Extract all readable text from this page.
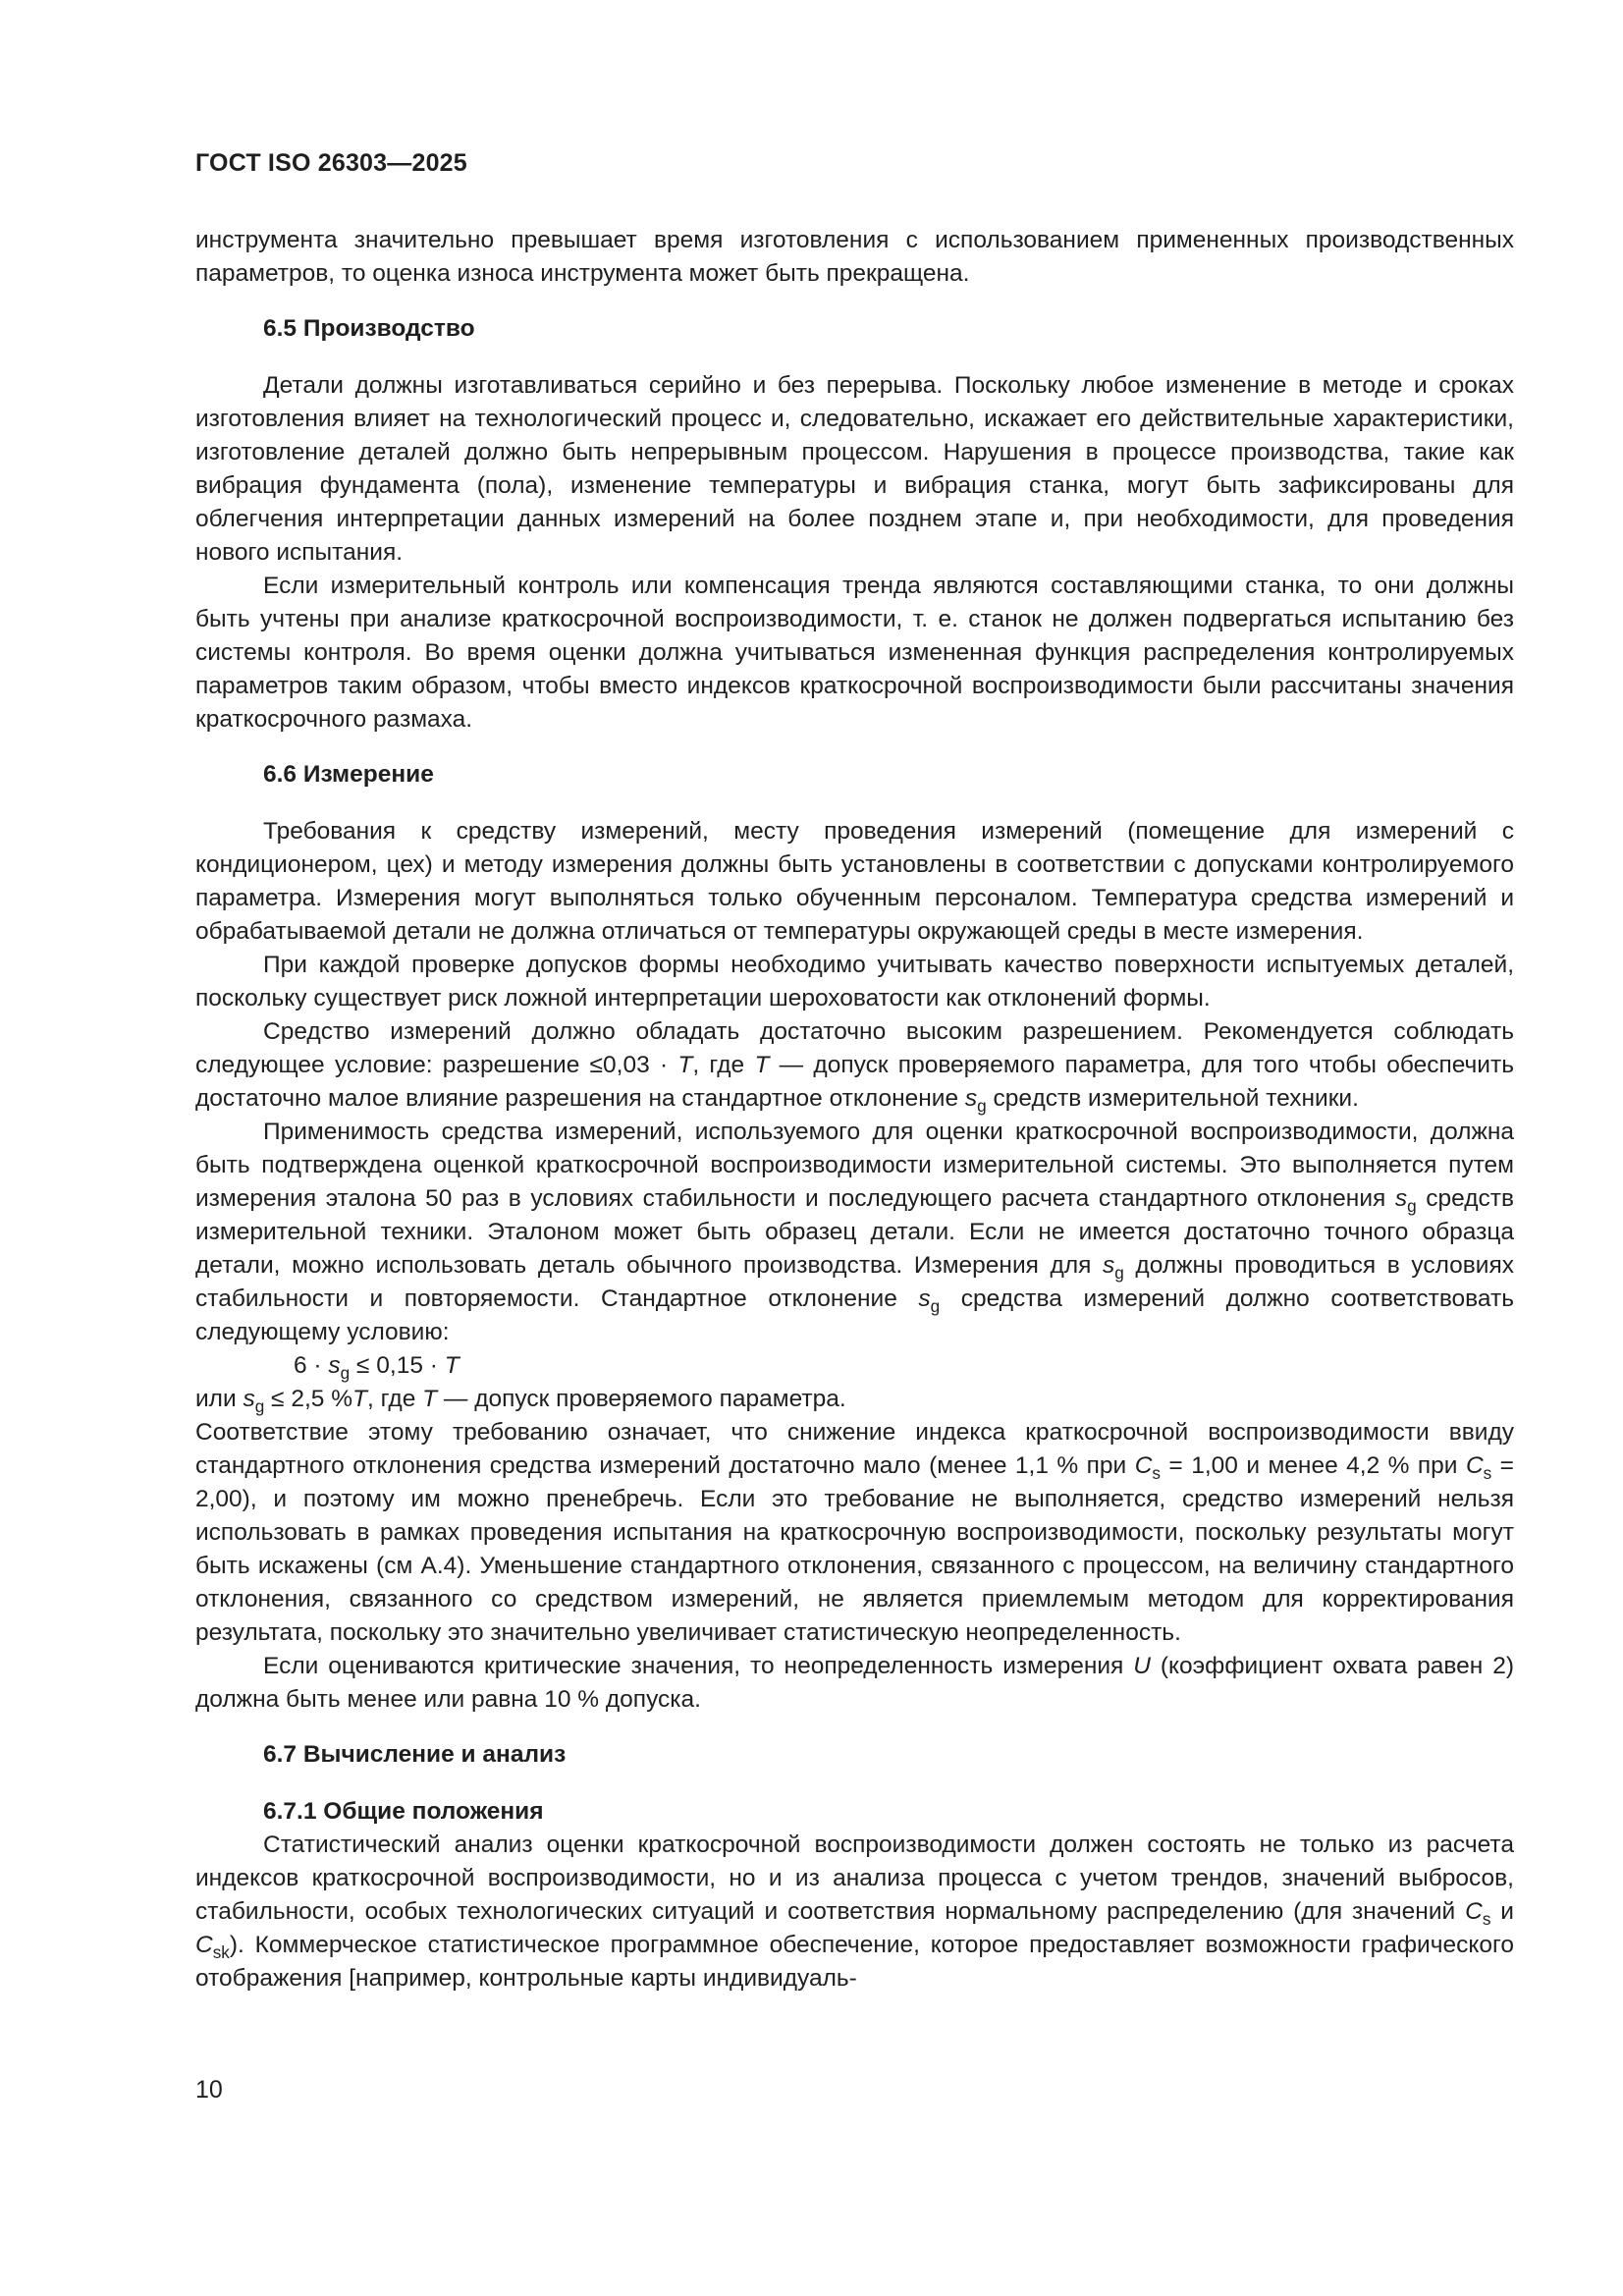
ГОСТ ISO 26303—2025

инструмента значительно превышает время изготовления с использованием примененных производственных параметров, то оценка износа инструмента может быть прекращена.

6.5 Производство

Детали должны изготавливаться серийно и без перерыва. Поскольку любое изменение в методе и сроках изготовления влияет на технологический процесс и, следовательно, искажает его действительные характеристики, изготовление деталей должно быть непрерывным процессом. Нарушения в процессе производства, такие как вибрация фундамента (пола), изменение температуры и вибрация станка, могут быть зафиксированы для облегчения интерпретации данных измерений на более позднем этапе и, при необходимости, для проведения нового испытания.

Если измерительный контроль или компенсация тренда являются составляющими станка, то они должны быть учтены при анализе краткосрочной воспроизводимости, т. е. станок не должен подвергаться испытанию без системы контроля. Во время оценки должна учитываться измененная функция распределения контролируемых параметров таким образом, чтобы вместо индексов краткосрочной воспроизводимости были рассчитаны значения краткосрочного размаха.

6.6 Измерение

Требования к средству измерений, месту проведения измерений (помещение для измерений с кондиционером, цех) и методу измерения должны быть установлены в соответствии с допусками контролируемого параметра. Измерения могут выполняться только обученным персоналом. Температура средства измерений и обрабатываемой детали не должна отличаться от температуры окружающей среды в месте измерения.

При каждой проверке допусков формы необходимо учитывать качество поверхности испытуемых деталей, поскольку существует риск ложной интерпретации шероховатости как отклонений формы.

Средство измерений должно обладать достаточно высоким разрешением. Рекомендуется соблюдать следующее условие: разрешение ≤0,03 · T, где T — допуск проверяемого параметра, для того чтобы обеспечить достаточно малое влияние разрешения на стандартное отклонение $s_g$ средств измерительной техники.

Применимость средства измерений, используемого для оценки краткосрочной воспроизводимости, должна быть подтверждена оценкой краткосрочной воспроизводимости измерительной системы. Это выполняется путем измерения эталона 50 раз в условиях стабильности и последующего расчета стандартного отклонения $s_g$ средств измерительной техники. Эталоном может быть образец детали. Если не имеется достаточно точного образца детали, можно использовать деталь обычного производства. Измерения для $s_g$ должны проводиться в условиях стабильности и повторяемости. Стандартное отклонение $s_g$ средства измерений должно соответствовать следующему условию:

$6 \cdot s_g \le 0,15 \cdot T$

или $s_g \le 2,5$ %T, где T — допуск проверяемого параметра.

Соответствие этому требованию означает, что снижение индекса краткосрочной воспроизводимости ввиду стандартного отклонения средства измерений достаточно мало (менее 1,1 % при $C_s = 1,00$ и менее 4,2 % при $C_s = 2,00$), и поэтому им можно пренебречь. Если это требование не выполняется, средство измерений нельзя использовать в рамках проведения испытания на краткосрочную воспроизводимости, поскольку результаты могут быть искажены (см А.4). Уменьшение стандартного отклонения, связанного с процессом, на величину стандартного отклонения, связанного со средством измерений, не является приемлемым методом для корректирования результата, поскольку это значительно увеличивает статистическую неопределенность.

Если оцениваются критические значения, то неопределенность измерения U (коэффициент охвата равен 2) должна быть менее или равна 10 % допуска.

6.7 Вычисление и анализ

6.7.1 Общие положения

Статистический анализ оценки краткосрочной воспроизводимости должен состоять не только из расчета индексов краткосрочной воспроизводимости, но и из анализа процесса с учетом трендов, значений выбросов, стабильности, особых технологических ситуаций и соответствия нормальному распределению (для значений $C_s$ и $C_{sk}$). Коммерческое статистическое программное обеспечение, которое предоставляет возможности графического отображения [например, контрольные карты индивидуаль-

10
